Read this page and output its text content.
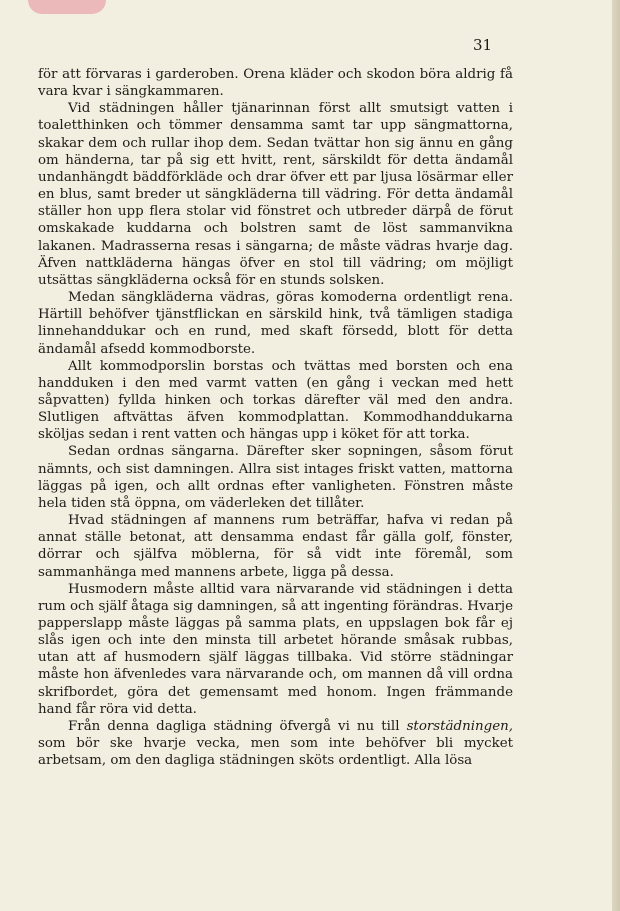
31

för att förvaras i garderoben. Orena kläder och skodon böra aldrig få vara kvar i sängkammaren.

Vid städningen håller tjänarinnan först allt smutsigt vatten i toaletthinken och tömmer densamma samt tar upp sängmattorna, skakar dem och rullar ihop dem. Sedan tvättar hon sig ännu en gång om händerna, tar på sig ett hvitt, rent, särskildt för detta ändamål undanhängdt bäddförkläde och drar öfver ett par ljusa lösärmar eller en blus, samt breder ut sängkläderna till vädring. För detta ändamål ställer hon upp flera stolar vid fönstret och utbreder därpå de förut omskakade kuddarna och bolstren samt de löst sammanvikna lakanen. Madrasserna resas i sängarna; de måste vädras hvarje dag. Äfven nattkläderna hängas öfver en stol till vädring; om möjligt utsättas sängkläderna också för en stunds solsken.

Medan sängkläderna vädras, göras komoderna ordentligt rena. Härtill behöfver tjänstflickan en särskild hink, två tämligen stadiga linnehanddukar och en rund, med skaft försedd, blott för detta ändamål afsedd kommodborste.

Allt kommodporslin borstas och tvättas med borsten och ena handduken i den med varmt vatten (en gång i veckan med hett såpvatten) fyllda hinken och torkas därefter väl med den andra. Slutligen aftvättas äfven kommodplattan. Kommodhanddukarna sköljas sedan i rent vatten och hängas upp i köket för att torka.

Sedan ordnas sängarna. Därefter sker sopningen, såsom förut nämnts, och sist damningen. Allra sist intages friskt vatten, mattorna läggas på igen, och allt ordnas efter vanligheten. Fönstren måste hela tiden stå öppna, om väderleken det tillåter.

Hvad städningen af mannens rum beträffar, hafva vi redan på annat ställe betonat, att densamma endast får gälla golf, fönster, dörrar och själfva möblerna, för så vidt inte föremål, som sammanhänga med mannens arbete, ligga på dessa.

Husmodern måste alltid vara närvarande vid städningen i detta rum och själf åtaga sig damningen, så att ingenting förändras. Hvarje papperslapp måste läggas på samma plats, en uppslagen bok får ej slås igen och inte den minsta till arbetet hörande småsak rubbas, utan att af husmodern själf läggas tillbaka. Vid större städningar måste hon äfvenledes vara närvarande och, om mannen då vill ordna skrifbordet, göra det gemensamt med honom. Ingen främmande hand får röra vid detta.

Från denna dagliga städning öfvergå vi nu till storstädningen, som bör ske hvarje vecka, men som inte behöfver bli mycket arbetsam, om den dagliga städningen sköts ordentligt. Alla lösa
